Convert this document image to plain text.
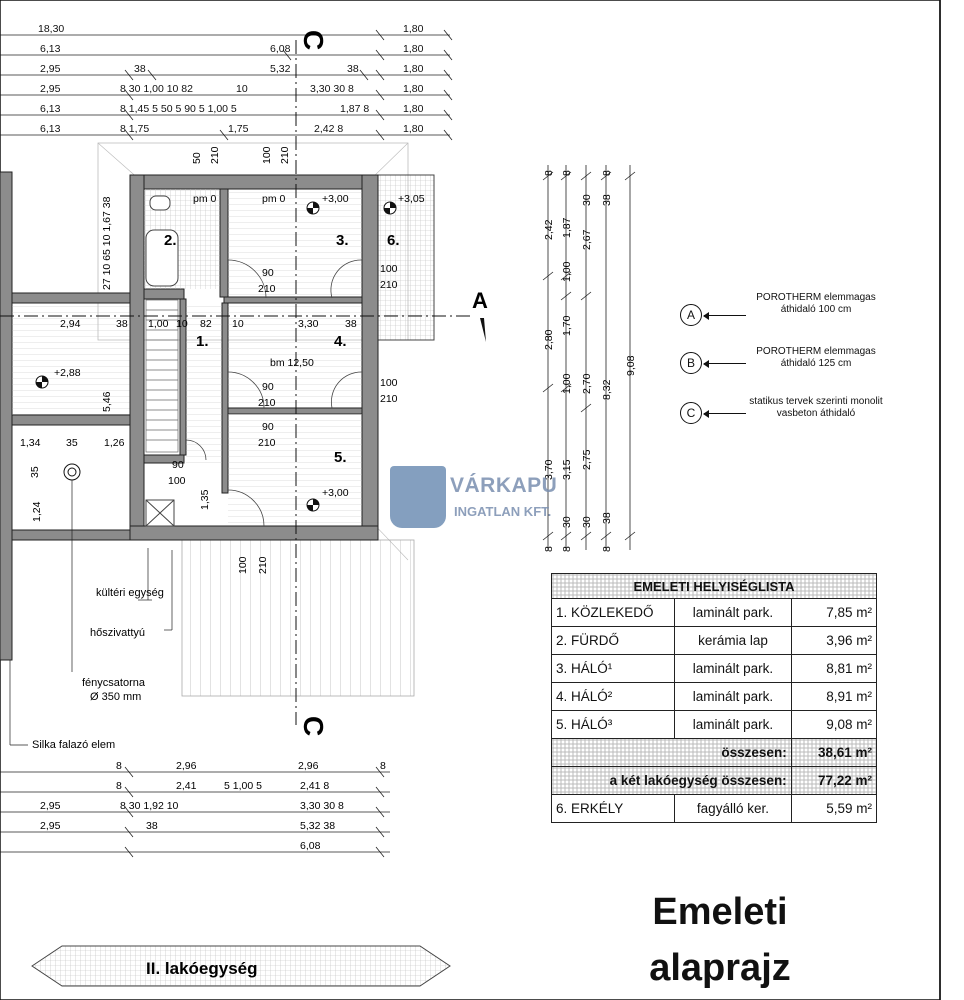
18,30	1,80
6,13	6,08	1,80
2,95	38	5,32	38	1,80
2,95	8 30 1,00 10 82	10	3,30 30 8	1,80
6,13	8 1,45 5 50 5 90 5 1,00 5	1,87 8	1,80
6,13	8 1,75	1,75	2,42 8	1,80
C
C
A
2.	3.	6.
1.	4.
5.
+3,00	+3,05
+3,00
+2,88
pm 0	pm 0
bm 12,50
90
210
90
210
90
210
100
210
100
210
90
100
2,94	38 1,00 10 82 10	3,30	38
1,34 35	1,26
1,24
35
5,46
27 10 65 10 1,67 38
50 210	100 210
1,35
100 210
kültéri egység
hőszivattyú
fénycsatorna
Ø 350 mm
Silka falazó elem
8	2,96	2,96	8
8	2,41	5 1,00 5	2,41 8
2,95	8 30 1,92 10	3,30 30 8
2,95	38	5,32 38
6,08
8
2,42
2,80
3,70
8
8
1,87
1,00
1,70
1,00
3,15
30
8
30
2,67
2,70
2,75
30
8
38
8,32
38
8
9,08
II. lakóegység
VÁRKAPU
INGATLAN KFT.
A
POROTHERM elemmagas áthidaló 100 cm
B
POROTHERM elemmagas áthidaló 125 cm
C
statikus tervek szerinti monolit vasbeton áthidaló
EMELETI HELYISÉGLISTA		
1. KÖZLEKEDŐ	laminált park.	7,85 m²
2. FÜRDŐ	kerámia lap	3,96 m²
3. HÁLÓ¹	laminált park.	8,81 m²
4. HÁLÓ²	laminált park.	8,91 m²
5. HÁLÓ³	laminált park.	9,08 m²
összesen:		38,61 m²
a két lakóegység összesen:		77,22 m²
6. ERKÉLY	fagyálló ker.	5,59 m²
Emeleti
alaprajz
